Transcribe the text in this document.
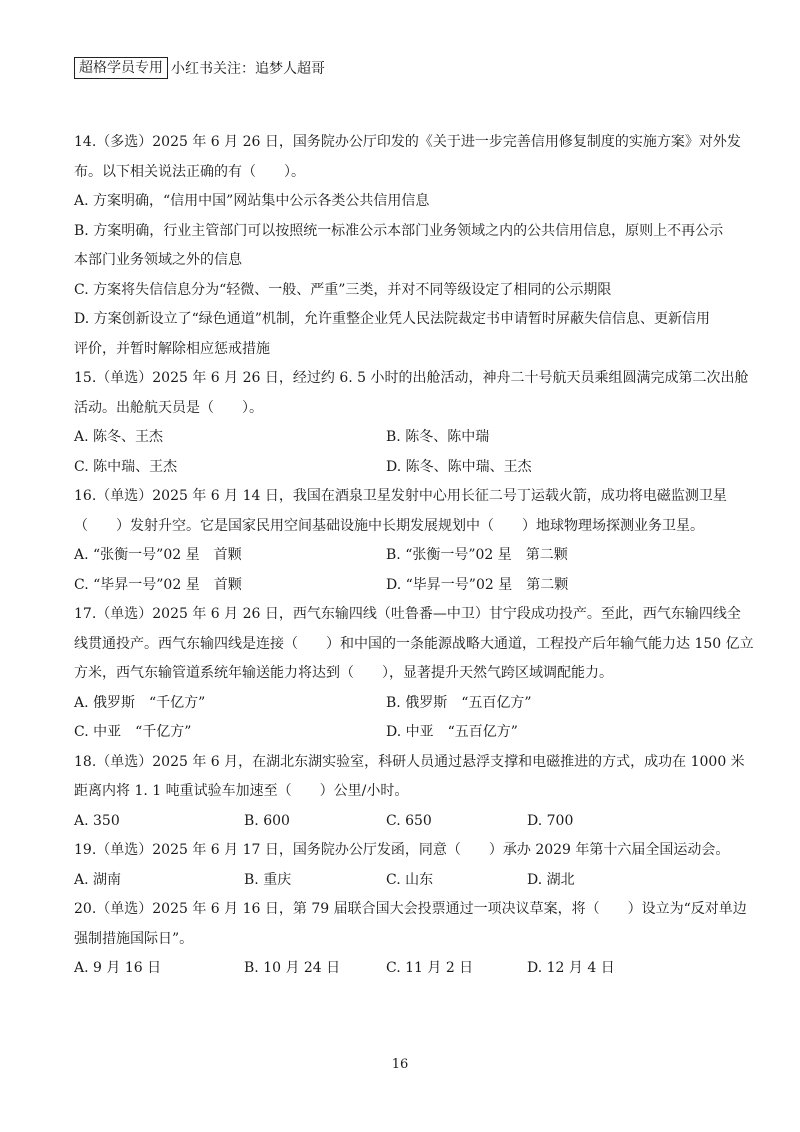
超格学员专用 小红书关注：追梦人超哥
14.（多选）2025 年 6 月 26 日，国务院办公厅印发的《关于进一步完善信用修复制度的实施方案》对外发
布。以下相关说法正确的有（　　）。
A. 方案明确，“信用中国”网站集中公示各类公共信用信息
B. 方案明确，行业主管部门可以按照统一标准公示本部门业务领域之内的公共信用信息，原则上不再公示
本部门业务领域之外的信息
C. 方案将失信信息分为“轻微、一般、严重”三类，并对不同等级设定了相同的公示期限
D. 方案创新设立了“绿色通道”机制，允许重整企业凭人民法院裁定书申请暂时屏蔽失信信息、更新信用
评价，并暂时解除相应惩戒措施
15.（单选）2025 年 6 月 26 日，经过约 6. 5 小时的出舱活动，神舟二十号航天员乘组圆满完成第二次出舱
活动。出舱航天员是（　　）。
A. 陈冬、王杰	B. 陈冬、陈中瑞
C. 陈中瑞、王杰	D. 陈冬、陈中瑞、王杰
16.（单选）2025 年 6 月 14 日，我国在酒泉卫星发射中心用长征二号丁运载火箭，成功将电磁监测卫星
（　　）发射升空。它是国家民用空间基础设施中长期发展规划中（　　）地球物理场探测业务卫星。
A. “张衡一号”02 星　首颗	B. “张衡一号”02 星　第二颗
C. “毕昇一号”02 星　首颗	D. “毕昇一号”02 星　第二颗
17.（单选）2025 年 6 月 26 日，西气东输四线（吐鲁番—中卫）甘宁段成功投产。至此，西气东输四线全
线贯通投产。西气东输四线是连接（　　）和中国的一条能源战略大通道，工程投产后年输气能力达 150 亿立
方米，西气东输管道系统年输送能力将达到（　　），显著提升天然气跨区域调配能力。
A. 俄罗斯　“千亿方”	B. 俄罗斯　“五百亿方”
C. 中亚　“千亿方”	D. 中亚　“五百亿方”
18.（单选）2025 年 6 月，在湖北东湖实验室，科研人员通过悬浮支撑和电磁推进的方式，成功在 1000 米
距离内将 1. 1 吨重试验车加速至（　　）公里/小时。
A. 350	B. 600	C. 650	D. 700
19.（单选）2025 年 6 月 17 日，国务院办公厅发函，同意（　　）承办 2029 年第十六届全国运动会。
A. 湖南	B. 重庆	C. 山东	D. 湖北
20.（单选）2025 年 6 月 16 日，第 79 届联合国大会投票通过一项决议草案，将（　　）设立为“反对单边
强制措施国际日”。
A. 9 月 16 日	B. 10 月 24 日	C. 11 月 2 日	D. 12 月 4 日
16
